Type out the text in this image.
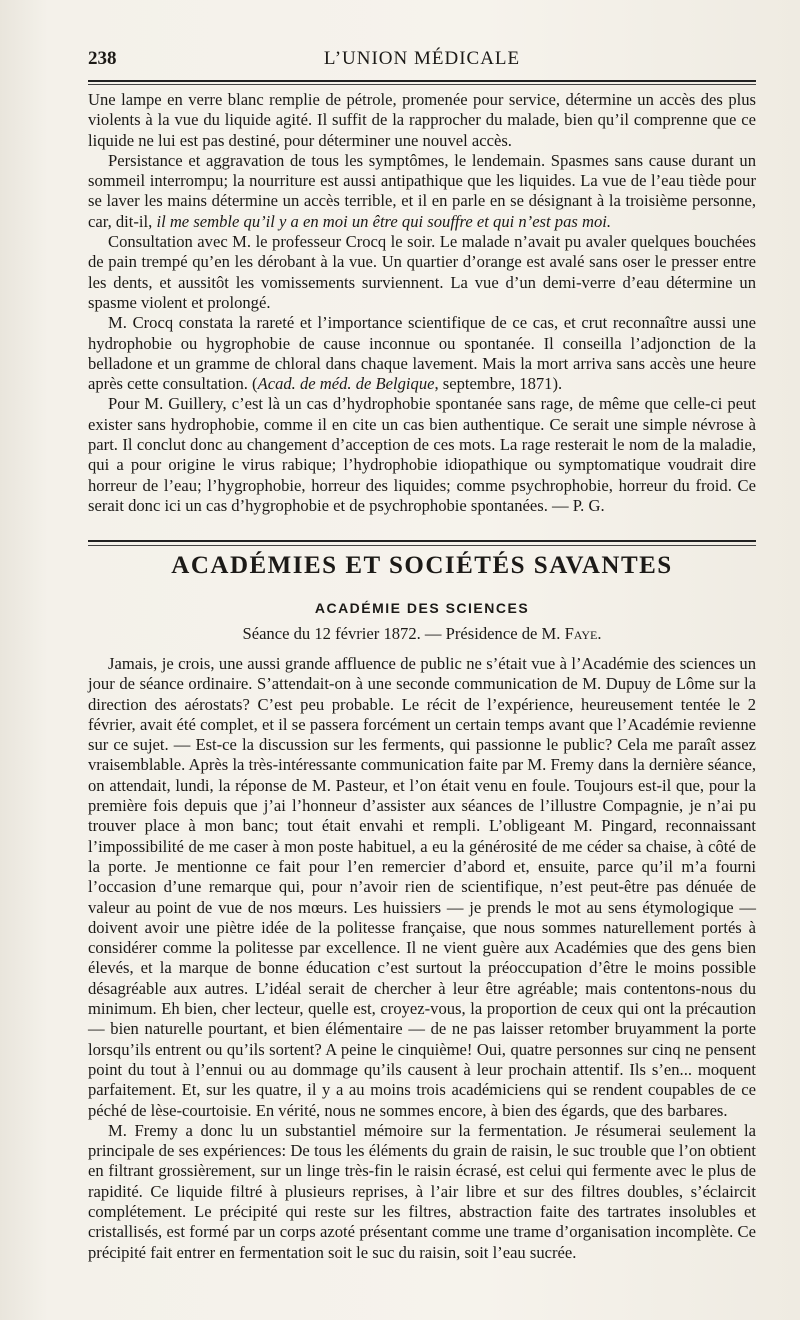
238	L’UNION MÉDICALE

Une lampe en verre blanc remplie de pétrole, promenée pour service, détermine un accès des plus violents à la vue du liquide agité. Il suffit de la rapprocher du malade, bien qu’il comprenne que ce liquide ne lui est pas destiné, pour déterminer une nouvel accès.

Persistance et aggravation de tous les symptômes, le lendemain. Spasmes sans cause durant un sommeil interrompu; la nourriture est aussi antipathique que les liquides. La vue de l’eau tiède pour se laver les mains détermine un accès terrible, et il en parle en se désignant à la troisième personne, car, dit-il, il me semble qu’il y a en moi un être qui souffre et qui n’est pas moi.

Consultation avec M. le professeur Crocq le soir. Le malade n’avait pu avaler quelques bouchées de pain trempé qu’en les dérobant à la vue. Un quartier d’orange est avalé sans oser le presser entre les dents, et aussitôt les vomissements surviennent. La vue d’un demi-verre d’eau détermine un spasme violent et prolongé.

M. Crocq constata la rareté et l’importance scientifique de ce cas, et crut reconnaître aussi une hydrophobie ou hygrophobie de cause inconnue ou spontanée. Il conseilla l’adjonction de la belladone et un gramme de chloral dans chaque lavement. Mais la mort arriva sans accès une heure après cette consultation. (Acad. de méd. de Belgique, septembre, 1871).

Pour M. Guillery, c’est là un cas d’hydrophobie spontanée sans rage, de même que celle-ci peut exister sans hydrophobie, comme il en cite un cas bien authentique. Ce serait une simple névrose à part. Il conclut donc au changement d’acception de ces mots. La rage resterait le nom de la maladie, qui a pour origine le virus rabique; l’hydrophobie idiopathique ou symptomatique voudrait dire horreur de l’eau; l’hygrophobie, horreur des liquides; comme psychrophobie, horreur du froid. Ce serait donc ici un cas d’hygrophobie et de psychrophobie spontanées. — P. G.

ACADÉMIES ET SOCIÉTÉS SAVANTES
ACADÉMIE DES SCIENCES
Séance du 12 février 1872. — Présidence de M. Faye.

Jamais, je crois, une aussi grande affluence de public ne s’était vue à l’Académie des sciences un jour de séance ordinaire. S’attendait-on à une seconde communication de M. Dupuy de Lôme sur la direction des aérostats? C’est peu probable. Le récit de l’expérience, heureusement tentée le 2 février, avait été complet, et il se passera forcément un certain temps avant que l’Académie revienne sur ce sujet. — Est-ce la discussion sur les ferments, qui passionne le public? Cela me paraît assez vraisemblable. Après la très-intéressante communication faite par M. Fremy dans la dernière séance, on attendait, lundi, la réponse de M. Pasteur, et l’on était venu en foule. Toujours est-il que, pour la première fois depuis que j’ai l’honneur d’assister aux séances de l’illustre Compagnie, je n’ai pu trouver place à mon banc; tout était envahi et rempli. L’obligeant M. Pingard, reconnaissant l’impossibilité de me caser à mon poste habituel, a eu la générosité de me céder sa chaise, à côté de la porte. Je mentionne ce fait pour l’en remercier d’abord et, ensuite, parce qu’il m’a fourni l’occasion d’une remarque qui, pour n’avoir rien de scientifique, n’est peut-être pas dénuée de valeur au point de vue de nos mœurs. Les huissiers — je prends le mot au sens étymologique — doivent avoir une piètre idée de la politesse française, que nous sommes naturellement portés à considérer comme la politesse par excellence. Il ne vient guère aux Académies que des gens bien élevés, et la marque de bonne éducation c’est surtout la préoccupation d’être le moins possible désagréable aux autres. L’idéal serait de chercher à leur être agréable; mais contentons-nous du minimum. Eh bien, cher lecteur, quelle est, croyez-vous, la proportion de ceux qui ont la précaution — bien naturelle pourtant, et bien élémentaire — de ne pas laisser retomber bruyamment la porte lorsqu’ils entrent ou qu’ils sortent? A peine le cinquième! Oui, quatre personnes sur cinq ne pensent point du tout à l’ennui ou au dommage qu’ils causent à leur prochain attentif. Ils s’en... moquent parfaitement. Et, sur les quatre, il y a au moins trois académiciens qui se rendent coupables de ce péché de lèse-courtoisie. En vérité, nous ne sommes encore, à bien des égards, que des barbares.

M. Fremy a donc lu un substantiel mémoire sur la fermentation. Je résumerai seulement la principale de ses expériences: De tous les éléments du grain de raisin, le suc trouble que l’on obtient en filtrant grossièrement, sur un linge très-fin le raisin écrasé, est celui qui fermente avec le plus de rapidité. Ce liquide filtré à plusieurs reprises, à l’air libre et sur des filtres doubles, s’éclaircit complétement. Le précipité qui reste sur les filtres, abstraction faite des tartrates insolubles et cristallisés, est formé par un corps azoté présentant comme une trame d’organisation incomplète. Ce précipité fait entrer en fermentation soit le suc du raisin, soit l’eau sucrée.
